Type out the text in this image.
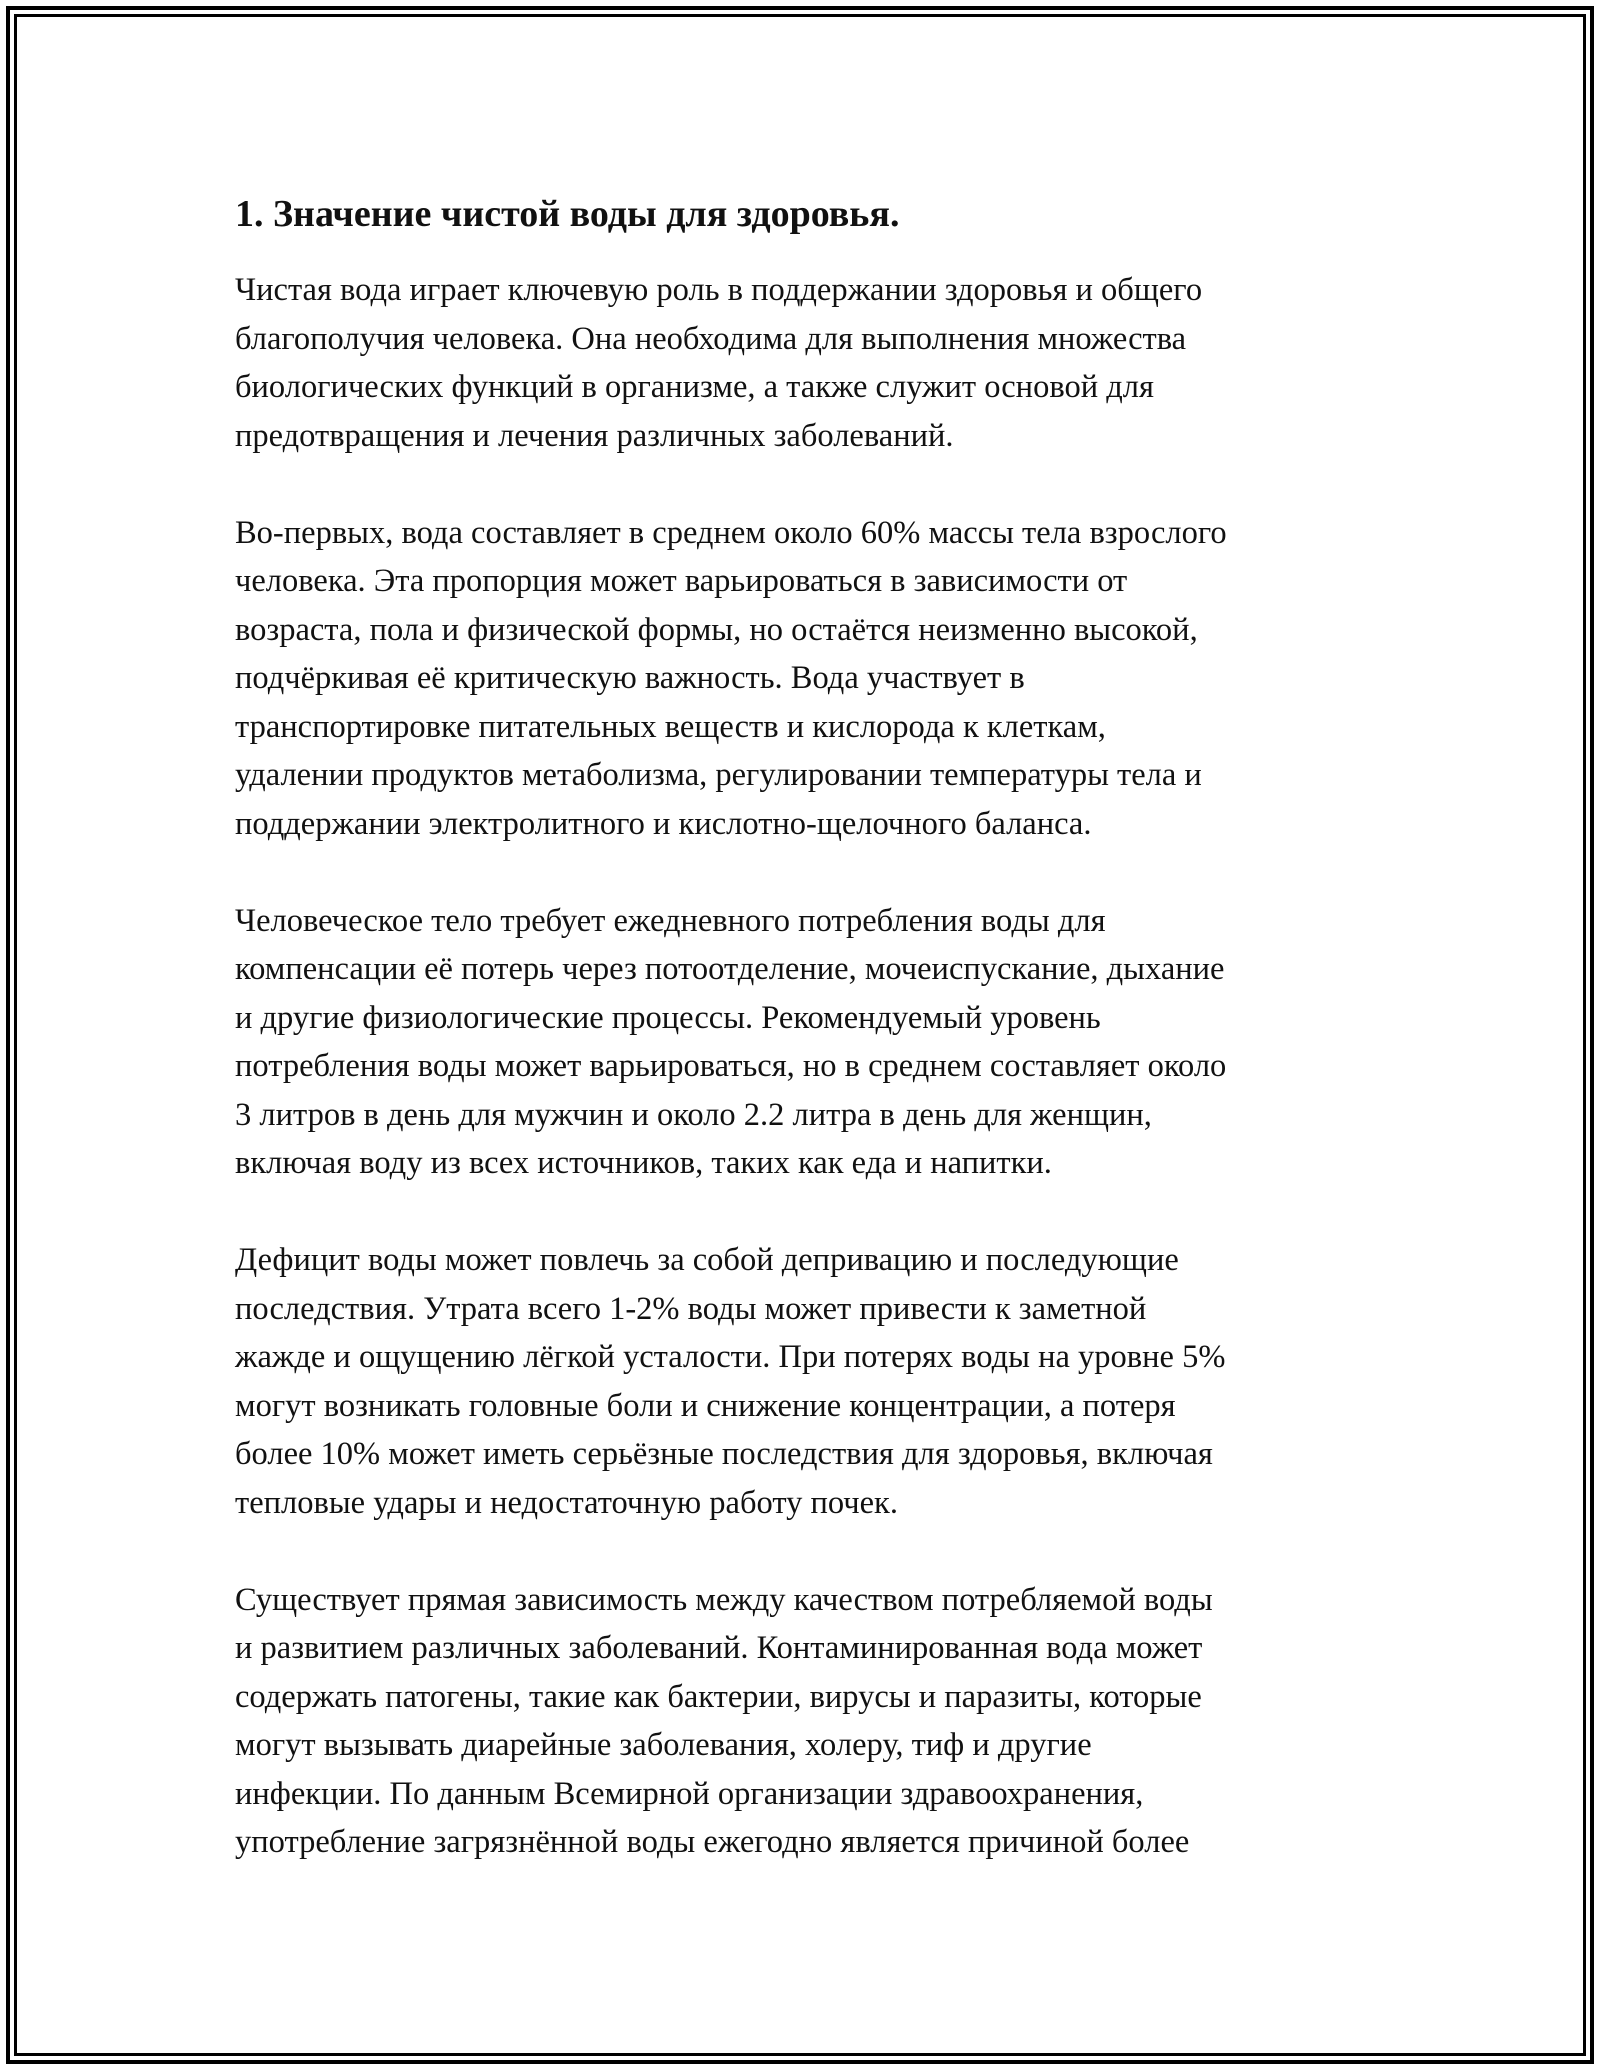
1. Значение чистой воды для здоровья.
Чистая вода играет ключевую роль в поддержании здоровья и общего
благополучия человека. Она необходима для выполнения множества
биологических функций в организме, а также служит основой для
предотвращения и лечения различных заболеваний.
Во-первых, вода составляет в среднем около 60% массы тела взрослого
человека. Эта пропорция может варьироваться в зависимости от
возраста, пола и физической формы, но остаётся неизменно высокой,
подчёркивая её критическую важность. Вода участвует в
транспортировке питательных веществ и кислорода к клеткам,
удалении продуктов метаболизма, регулировании температуры тела и
поддержании электролитного и кислотно-щелочного баланса.
Человеческое тело требует ежедневного потребления воды для
компенсации её потерь через потоотделение, мочеиспускание, дыхание
и другие физиологические процессы. Рекомендуемый уровень
потребления воды может варьироваться, но в среднем составляет около
3 литров в день для мужчин и около 2.2 литра в день для женщин,
включая воду из всех источников, таких как еда и напитки.
Дефицит воды может повлечь за собой депривацию и последующие
последствия. Утрата всего 1-2% воды может привести к заметной
жажде и ощущению лёгкой усталости. При потерях воды на уровне 5%
могут возникать головные боли и снижение концентрации, а потеря
более 10% может иметь серьёзные последствия для здоровья, включая
тепловые удары и недостаточную работу почек.
Существует прямая зависимость между качеством потребляемой воды
и развитием различных заболеваний. Контаминированная вода может
содержать патогены, такие как бактерии, вирусы и паразиты, которые
могут вызывать диарейные заболевания, холеру, тиф и другие
инфекции. По данным Всемирной организации здравоохранения,
употребление загрязнённой воды ежегодно является причиной более
